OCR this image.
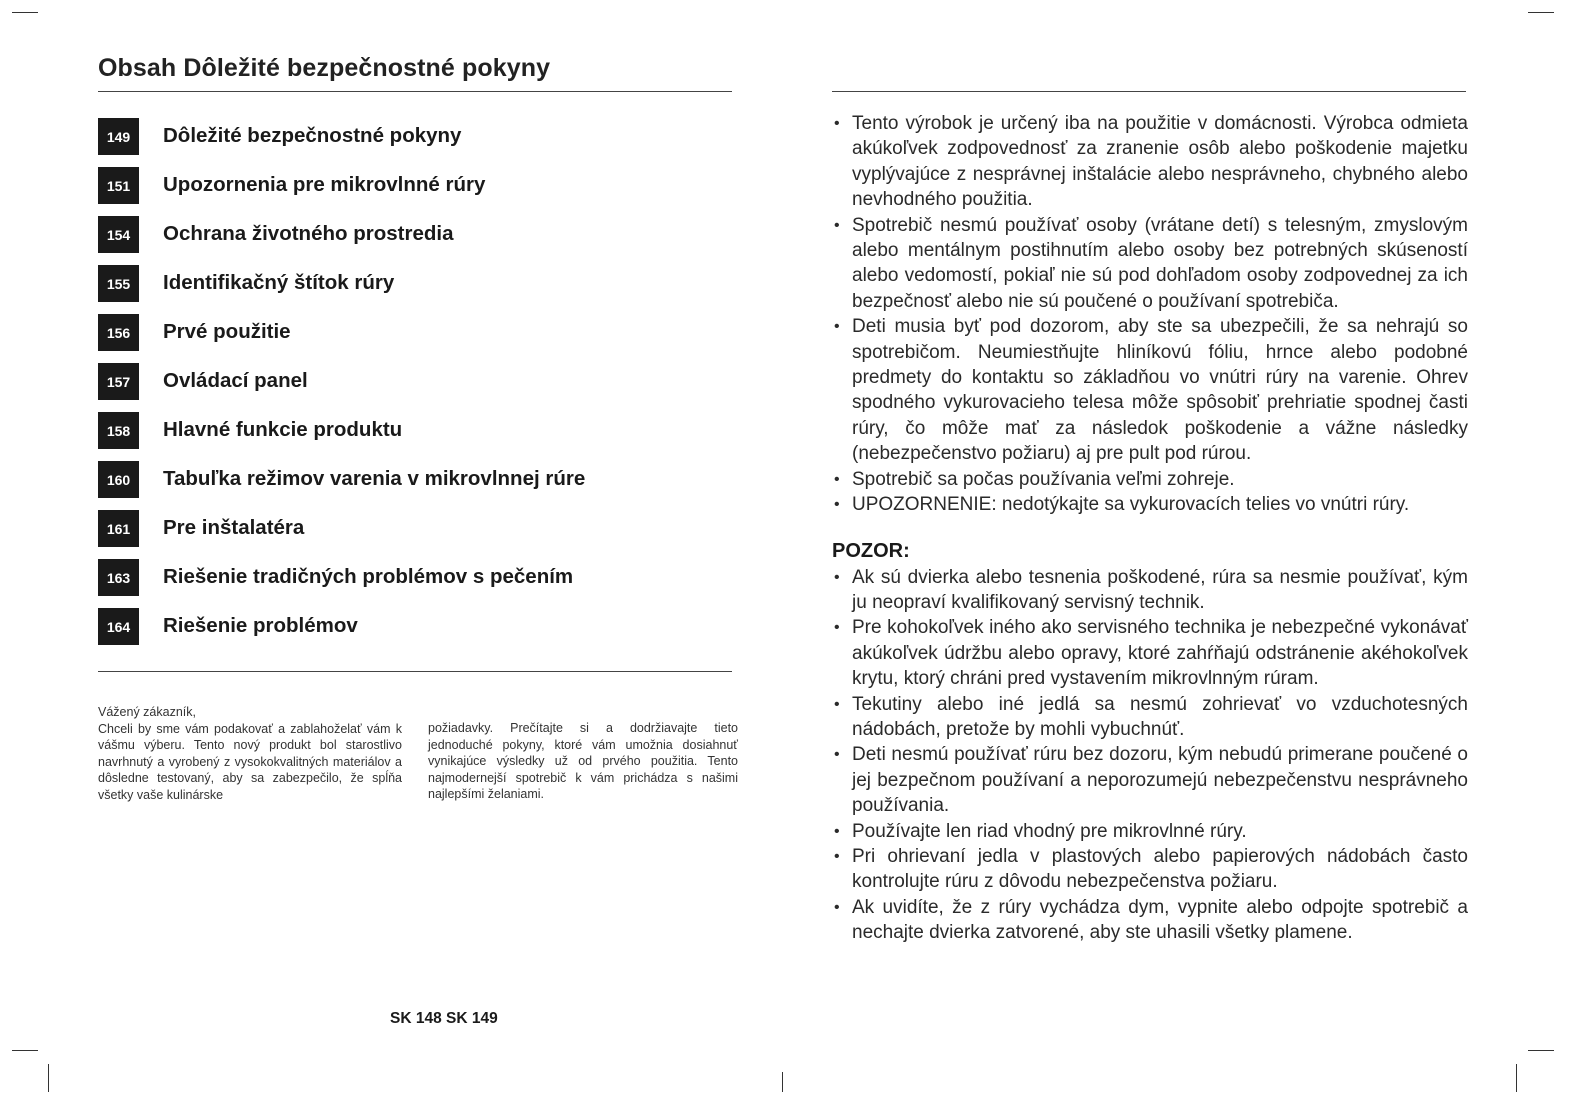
Obsah Dôležité bezpečnostné pokyny
149	Dôležité bezpečnostné pokyny
151	Upozornenia pre mikrovlnné rúry
154	Ochrana životného prostredia
155	Identifikačný štítok rúry
156	Prvé použitie
157	Ovládací panel
158	Hlavné funkcie produktu
160	Tabuľka režimov varenia v mikrovlnnej rúre
161	Pre inštalatéra
163	Riešenie tradičných problémov s pečením
164	Riešenie problémov

Vážený zákazník,

Chceli by sme vám podakovať a zablahoželať vám k vášmu výberu. Tento nový produkt bol starostlivo navrhnutý a vyrobený z vysokokvalitných materiálov a dôsledne testovaný, aby sa zabezpečilo, že spĺňa všetky vaše kulinárske

požiadavky. Prečítajte si a dodržiavajte tieto jednoduché pokyny, ktoré vám umožnia dosiahnuť vynikajúce výsledky už od prvého použitia. Tento najmodernejší spotrebič k vám prichádza s našimi najlepšími želaniami.

SK 148 SK 149
• Tento výrobok je určený iba na použitie v domácnosti. Výrobca odmieta akúkoľvek zodpovednosť za zranenie osôb alebo poškodenie majetku vyplývajúce z nesprávnej inštalácie alebo nesprávneho, chybného alebo nevhodného použitia.
• Spotrebič nesmú používať osoby (vrátane detí) s telesným, zmyslovým alebo mentálnym postihnutím alebo osoby bez potrebných skúseností alebo vedomostí, pokiaľ nie sú pod dohľadom osoby zodpovednej za ich bezpečnosť alebo nie sú poučené o používaní spotrebiča.
• Deti musia byť pod dozorom, aby ste sa ubezpečili, že sa nehrajú so spotrebičom. Neumiestňujte hliníkovú fóliu, hrnce alebo podobné predmety do kontaktu so základňou vo vnútri rúry na varenie. Ohrev spodného vykurovacieho telesa môže spôsobiť prehriatie spodnej časti rúry, čo môže mať za následok poškodenie a vážne následky (nebezpečenstvo požiaru) aj pre pult pod rúrou.
• Spotrebič sa počas používania veľmi zohreje.
• UPOZORNENIE: nedotýkajte sa vykurovacích telies vo vnútri rúry.
POZOR:
• Ak sú dvierka alebo tesnenia poškodené, rúra sa nesmie používať, kým ju neopraví kvalifikovaný servisný technik.
• Pre kohokoľvek iného ako servisného technika je nebezpečné vykonávať akúkoľvek údržbu alebo opravy, ktoré zahŕňajú odstránenie akéhokoľvek krytu, ktorý chráni pred vystavením mikrovlnným rúram.
• Tekutiny alebo iné jedlá sa nesmú zohrievať vo vzduchotesných nádobách, pretože by mohli vybuchnúť.
• Deti nesmú používať rúru bez dozoru, kým nebudú primerane poučené o jej bezpečnom používaní a neporozumejú nebezpečenstvu nesprávneho používania.
• Používajte len riad vhodný pre mikrovlnné rúry.
• Pri ohrievaní jedla v plastových alebo papierových nádobách často kontrolujte rúru z dôvodu nebezpečenstva požiaru.
• Ak uvidíte, že z rúry vychádza dym, vypnite alebo odpojte spotrebič a nechajte dvierka zatvorené, aby ste uhasili všetky plamene.
